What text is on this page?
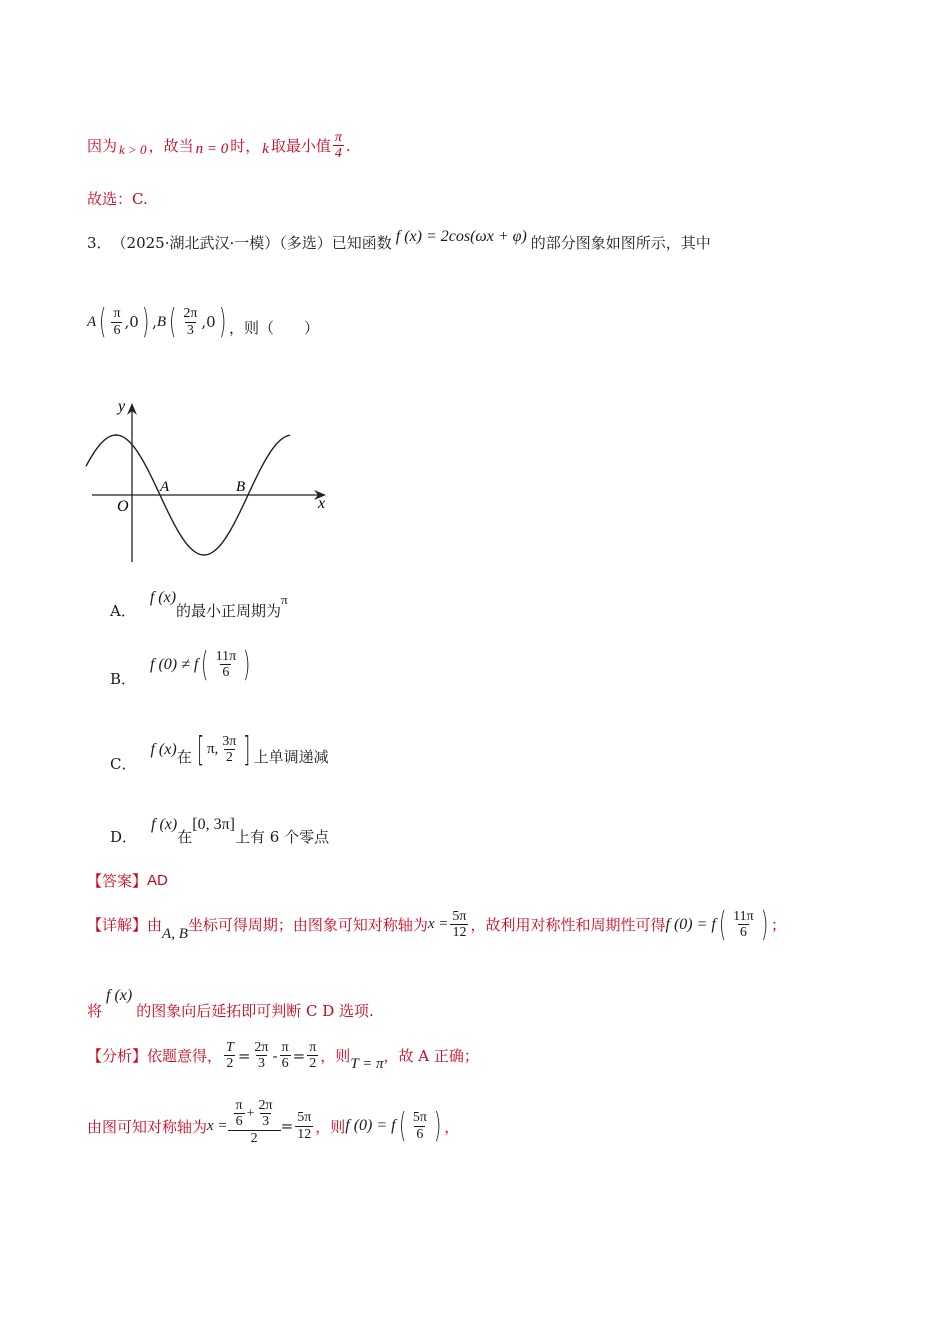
因为 k > 0 ，故当 n = 0 时， k 取最小值 $\frac{\pi}{4}$ .
故选：C.
3． （2025·湖北武汉·一模）（多选）已知函数 f (x) = 2cos(ωx + φ) 的部分图象如图所示，其中
A ( $\frac{\pi}{6} ,0$ ) , B ( $\frac{2\pi}{3} ,0$ ) ，则（　　）
y
x
O
A	B
A．
f (x)
的最小正周期为
π
B．
f (0) ≠ f ( $\frac{11\pi}{6}$ )
C．
f (x) 在 [ π, $\frac{3\pi}{2}$ ] 上单调递减
D．
f (x)
在
[0, 3π]
上有 6 个零点
【答案】 AD
【详解】 由 A, B 坐标可得周期；由图象可知对称轴为 $x = \frac{5\pi}{12}$ ，故利用对称性和周期性可得 f (0) = f ( $\frac{11\pi}{6}$ ) ；
将
f (x)
的图象向后延拓即可判断 C D 选项.
【分析】 依题意得， $\frac{T}{2} = \frac{2\pi}{3} - \frac{\pi}{6} = \frac{\pi}{2}$ ，则 T = π ，故 A 正确；
由图可知对称轴为 $x = \frac{\frac{\pi}{6} + \frac{2\pi}{3}}{2} = \frac{5\pi}{12}$ ，则 f (0) = f ( $\frac{5\pi}{6}$ ) ，
